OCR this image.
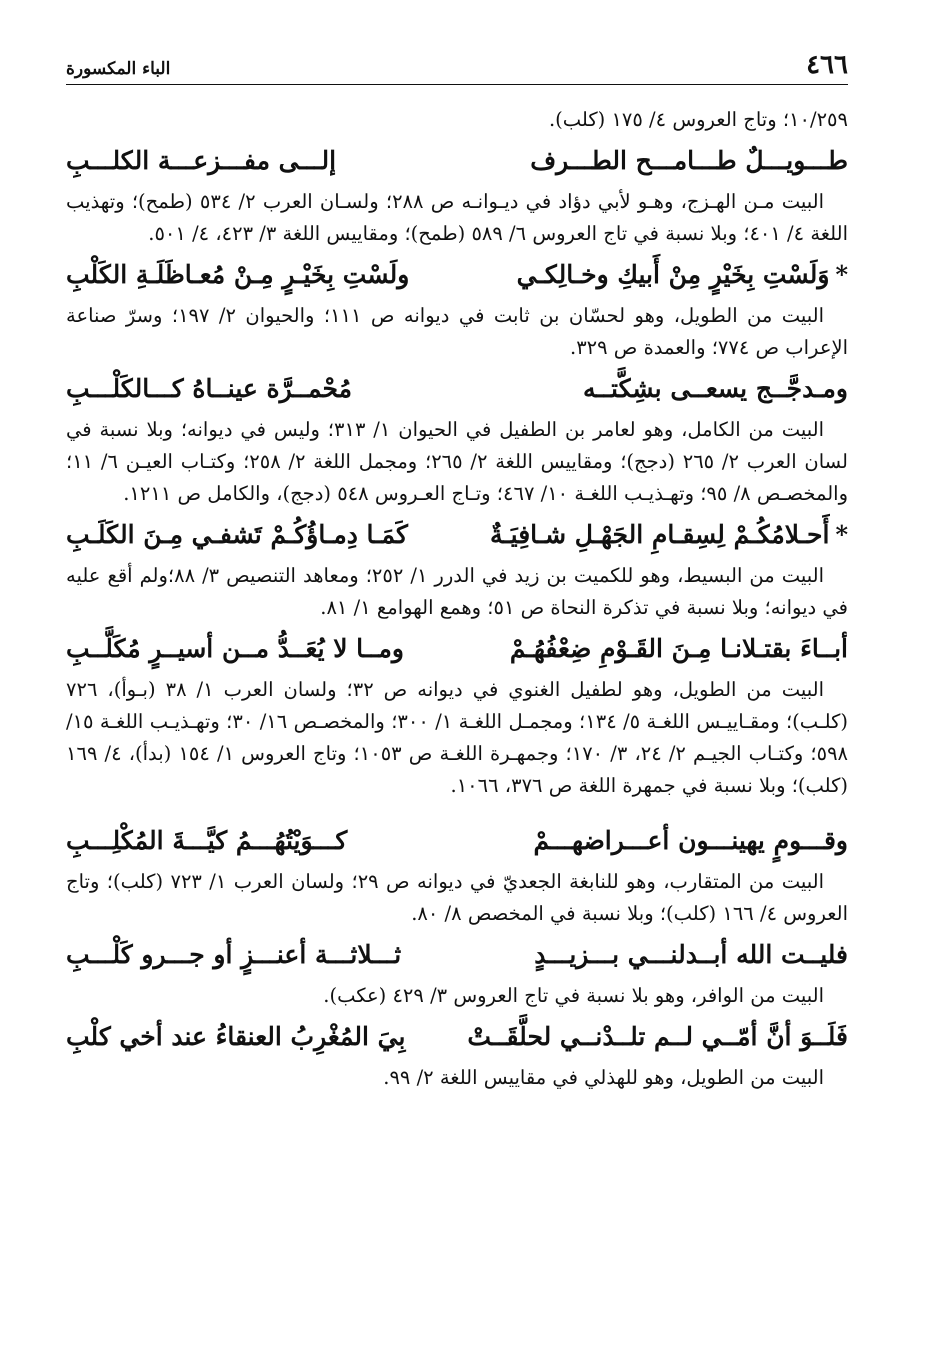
٤٦٦
الباء المكسورة

١٠/٢٥٩؛ وتاج العروس ٤/ ١٧٥ (كلب).

طـــويـــلٌ طـــامـــح الطـــرف
إلـــى مفـــزعـــة الكلـــبِ

البيت مـن الهـزج، وهـو لأبي دؤاد في ديـوانـه ص ٢٨٨؛ ولسـان العرب ٢/ ٥٣٤ (طمح)؛ وتهذيب اللغة ٤/ ٤٠١؛ وبلا نسبة في تاج العروس ٦/ ٥٨٩ (طمح)؛ ومقاييس اللغة ٣/ ٤٢٣، ٤/ ٥٠١.

*
وَلَسْتِ بِخَيْرٍ مِنْ أَبيكِ وخـالِكـي
ولَسْتِ بِخَيْـرٍ مِـنْ مُعـاظَلَـةِ الكَلْبِ

البيت من الطويل، وهو لحسّان بن ثابت في ديوانه ص ١١١؛ والحيوان ٢/ ١٩٧؛ وسرّ صناعة الإعراب ص ٧٧٤؛ والعمدة ص ٣٢٩.

ومـدجَّــج يسعــى بشِكَّتــه
مُحْمــرَّة عينــاهُ كـــالكَلْـــبِ

البيت من الكامل، وهو لعامر بن الطفيل في الحيوان ١/ ٣١٣؛ وليس في ديوانه؛ وبلا نسبة في لسان العرب ٢/ ٢٦٥ (دجج)؛ ومقاييس اللغة ٢/ ٢٦٥؛ ومجمل اللغة ٢/ ٢٥٨؛ وكتـاب العيـن ٦/ ١١؛ والمخصـص ٨/ ٩٥؛ وتهـذيـب اللغـة ١٠/ ٤٦٧؛ وتـاج العـروس ٥٤٨ (دجج)، والكامل ص ١٢١١.

*
أَحـلامُكُـمْ لِسِقـامِ الجَهْـلِ شـافِيَـةٌ
كَمَـا دِمـاؤُكُـمْ تَشفـي مِـنَ الكَلَـبِ

البيت من البسيط، وهو للكميت بن زيد في الدرر ١/ ٢٥٢؛ ومعاهد التنصيص ٣/ ٨٨؛ولم أقع عليه في ديوانه؛ وبلا نسبة في تذكرة النحاة ص ٥١؛ وهمع الهوامع ١/ ٨١.

أبــاءَ بقتـلانـا مِـنَ القَـوْمِ ضِعْفُهُـمْ
ومــا لا يُعَــدُّ مــن أسيــرٍ مُكَلَّــبِ

البيت من الطويل، وهو لطفيل الغنوي في ديوانه ص ٣٢؛ ولسان العرب ١/ ٣٨ (بـوأ)، ٧٢٦ (كلـب)؛ ومقـاييـس اللغـة ٥/ ١٣٤؛ ومجمـل اللغـة ١/ ٣٠٠؛ والمخصـص ١٦/ ٣٠؛ وتهـذيـب اللغـة ١٥/ ٥٩٨؛ وكتـاب الجيـم ٢/ ٢٤، ٣/ ١٧٠؛ وجمهـرة اللغـة ص ١٠٥٣؛ وتاج العروس ١/ ١٥٤ (بدأ)، ٤/ ١٦٩ (كلب)؛ وبلا نسبة في جمهرة اللغة ص ٣٧٦، ١٠٦٦.

وقـــومٍ يهينـــون أعـــراضهـــمْ
كـــوَيْتُهُـــمُ كيَّـــةَ المُكْلِـــبِ

البيت من المتقارب، وهو للنابغة الجعديّ في ديوانه ص ٢٩؛ ولسان العرب ١/ ٧٢٣ (كلب)؛ وتاج العروس ٤/ ١٦٦ (كلب)؛ وبلا نسبة في المخصص ٨/ ٨٠.

فليــت الله أبــدلنـــي بـــزيـــدٍ
ثـــلاثـــة أعنـــزٍ أو جـــرو كَلْـــبِ

البيت من الوافر، وهو بلا نسبة في تاج العروس ٣/ ٤٢٩ (عكب).

فَلَــوَ أنَّ أمّــي لــم تلــدْنــي لحلَّقَــتْ
بِيَ المُغْرِبُ العنقاءُ عند أخي كلْبِ

البيت من الطويل، وهو للهذلي في مقاييس اللغة ٢/ ٩٩.
